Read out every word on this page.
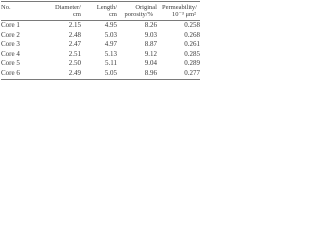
No.	Diameter/	Length/	Original	Permeability/
	cm	cm	porosity/%	10⁻³ μm²
Core 1	2.15	4.95	8.26	0.258
Core 2	2.48	5.03	9.03	0.268
Core 3	2.47	4.97	8.87	0.261
Core 4	2.51	5.13	9.12	0.285
Core 5	2.50	5.11	9.04	0.289
Core 6	2.49	5.05	8.96	0.277
